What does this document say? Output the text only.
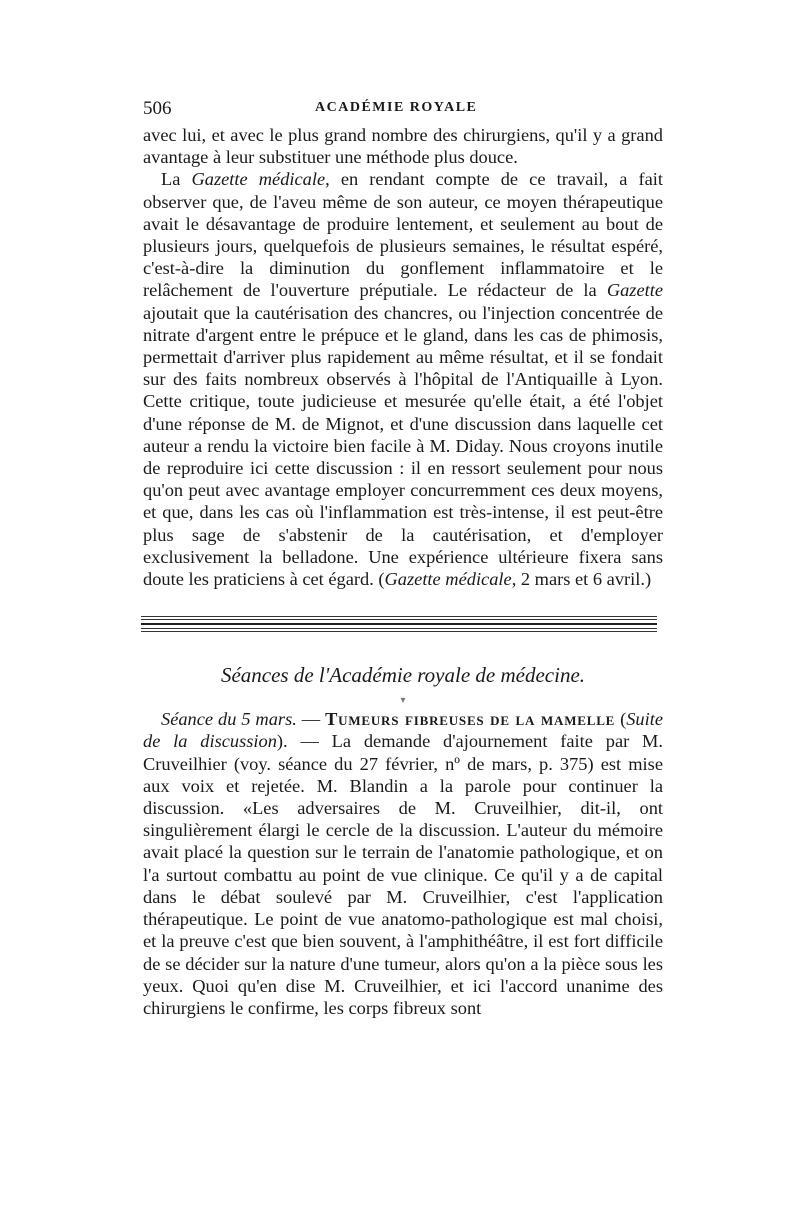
506	ACADÉMIE ROYALE

avec lui, et avec le plus grand nombre des chirurgiens, qu'il y a grand avantage à leur substituer une méthode plus douce.

La Gazette médicale, en rendant compte de ce travail, a fait observer que, de l'aveu même de son auteur, ce moyen thérapeutique avait le désavantage de produire lentement, et seulement au bout de plusieurs jours, quelquefois de plusieurs semaines, le résultat espéré, c'est-à-dire la diminution du gonflement inflammatoire et le relâchement de l'ouverture préputiale. Le rédacteur de la Gazette ajoutait que la cautérisation des chancres, ou l'injection concentrée de nitrate d'argent entre le prépuce et le gland, dans les cas de phimosis, permettait d'arriver plus rapidement au même résultat, et il se fondait sur des faits nombreux observés à l'hôpital de l'Antiquaille à Lyon. Cette critique, toute judicieuse et mesurée qu'elle était, a été l'objet d'une réponse de M. de Mignot, et d'une discussion dans laquelle cet auteur a rendu la victoire bien facile à M. Diday. Nous croyons inutile de reproduire ici cette discussion : il en ressort seulement pour nous qu'on peut avec avantage employer concurremment ces deux moyens, et que, dans les cas où l'inflammation est très-intense, il est peut-être plus sage de s'abstenir de la cautérisation, et d'employer exclusivement la belladone. Une expérience ultérieure fixera sans doute les praticiens à cet égard. (Gazette médicale, 2 mars et 6 avril.)

Séances de l'Académie royale de médecine.
▾

Séance du 5 mars. — Tumeurs fibreuses de la mamelle (Suite de la discussion). — La demande d'ajournement faite par M. Cruveilhier (voy. séance du 27 février, nº de mars, p. 375) est mise aux voix et rejetée. M. Blandin a la parole pour continuer la discussion. «Les adversaires de M. Cruveilhier, dit-il, ont singulièrement élargi le cercle de la discussion. L'auteur du mémoire avait placé la question sur le terrain de l'anatomie pathologique, et on l'a surtout combattu au point de vue clinique. Ce qu'il y a de capital dans le débat soulevé par M. Cruveilhier, c'est l'application thérapeutique. Le point de vue anatomo-pathologique est mal choisi, et la preuve c'est que bien souvent, à l'amphithéâtre, il est fort difficile de se décider sur la nature d'une tumeur, alors qu'on a la pièce sous les yeux. Quoi qu'en dise M. Cruveilhier, et ici l'accord unanime des chirurgiens le confirme, les corps fibreux sont
